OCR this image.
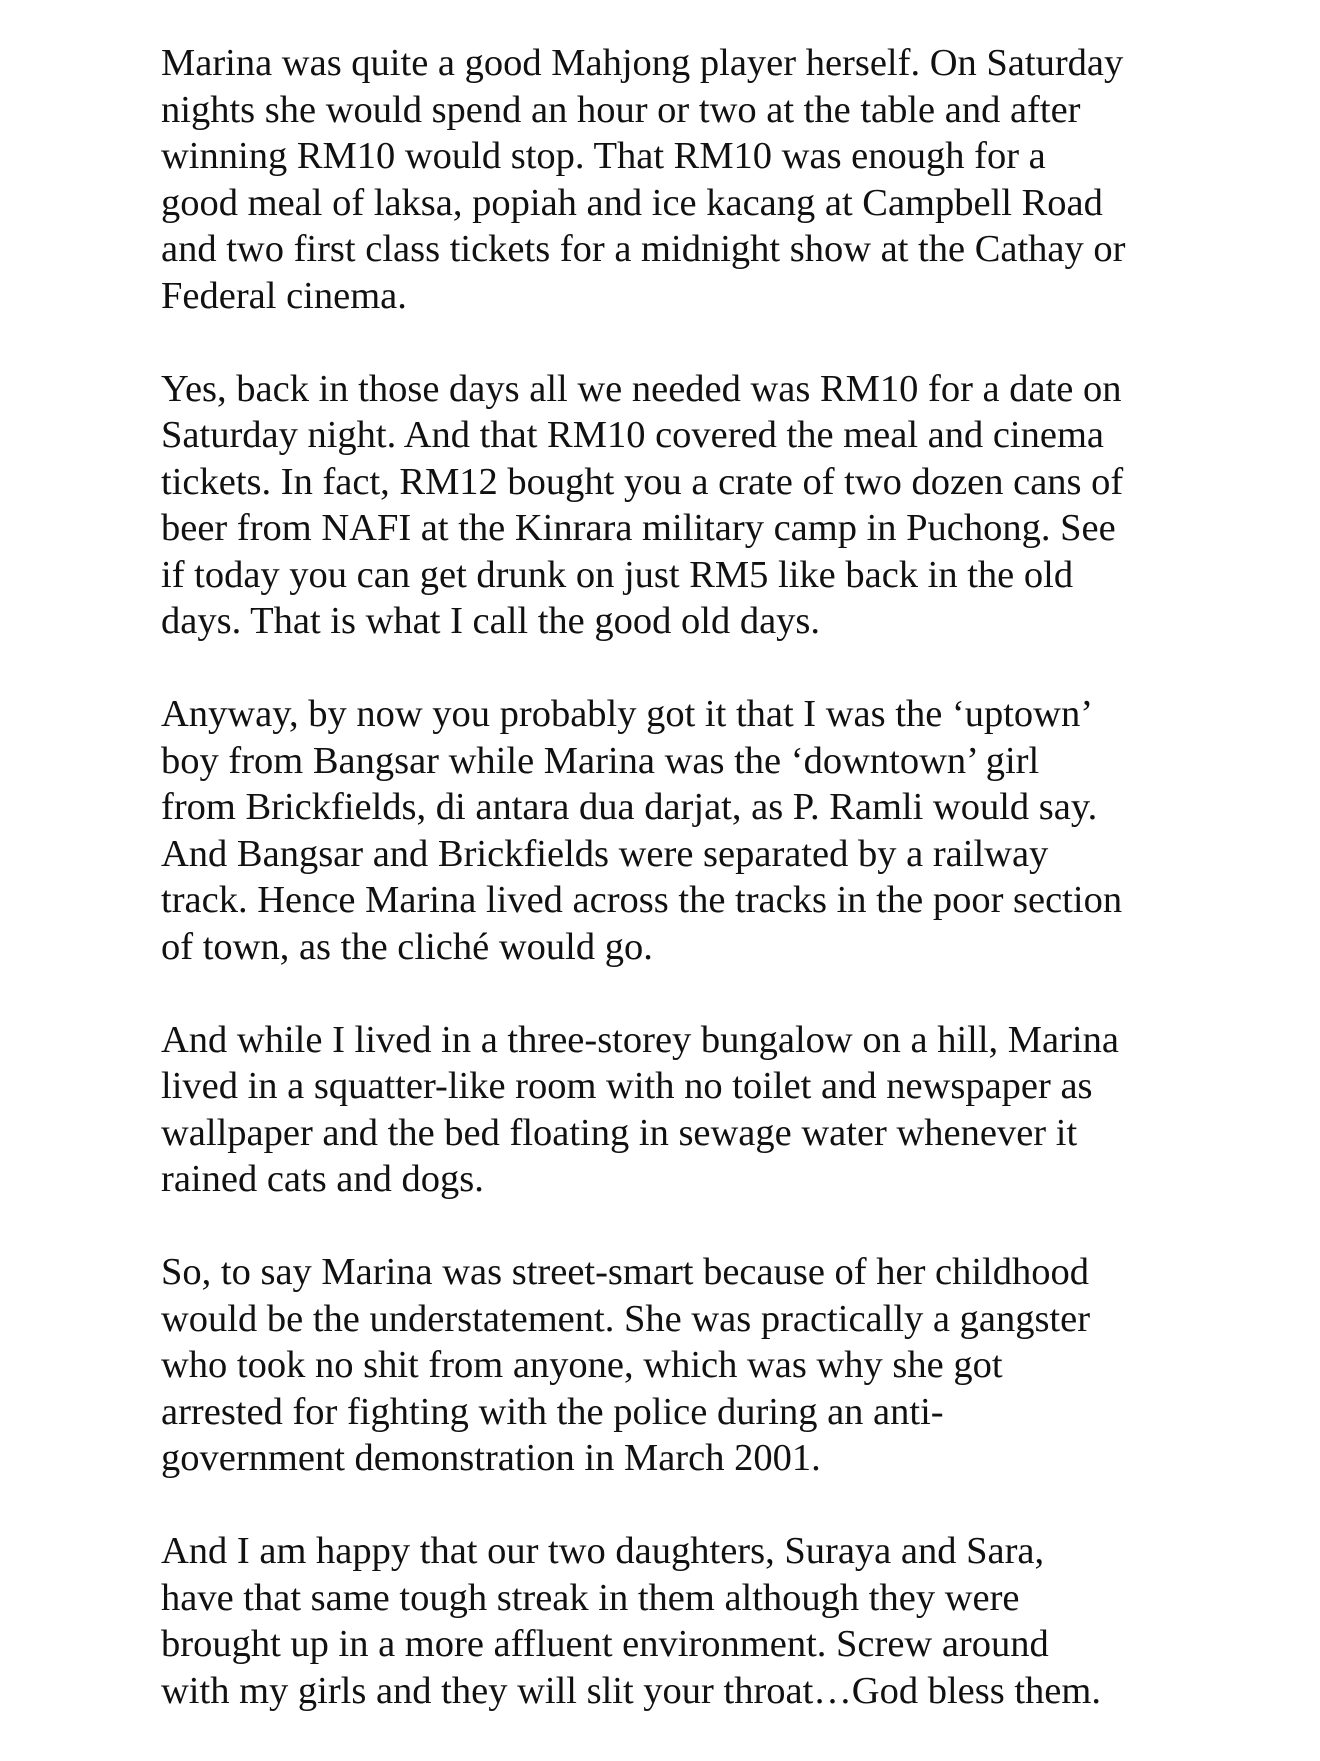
Marina was quite a good Mahjong player herself. On Saturday
nights she would spend an hour or two at the table and after
winning RM10 would stop. That RM10 was enough for a
good meal of laksa, popiah and ice kacang at Campbell Road
and two first class tickets for a midnight show at the Cathay or
Federal cinema.

Yes, back in those days all we needed was RM10 for a date on
Saturday night. And that RM10 covered the meal and cinema
tickets. In fact, RM12 bought you a crate of two dozen cans of
beer from NAFI at the Kinrara military camp in Puchong. See
if today you can get drunk on just RM5 like back in the old
days. That is what I call the good old days.

Anyway, by now you probably got it that I was the ‘uptown’
boy from Bangsar while Marina was the ‘downtown’ girl
from Brickfields, di antara dua darjat, as P. Ramli would say.
And Bangsar and Brickfields were separated by a railway
track. Hence Marina lived across the tracks in the poor section
of town, as the cliché would go.

And while I lived in a three-storey bungalow on a hill, Marina
lived in a squatter-like room with no toilet and newspaper as
wallpaper and the bed floating in sewage water whenever it
rained cats and dogs.

So, to say Marina was street-smart because of her childhood
would be the understatement. She was practically a gangster
who took no shit from anyone, which was why she got
arrested for fighting with the police during an anti-
government demonstration in March 2001.

And I am happy that our two daughters, Suraya and Sara,
have that same tough streak in them although they were
brought up in a more affluent environment. Screw around
with my girls and they will slit your throat…God bless them.
